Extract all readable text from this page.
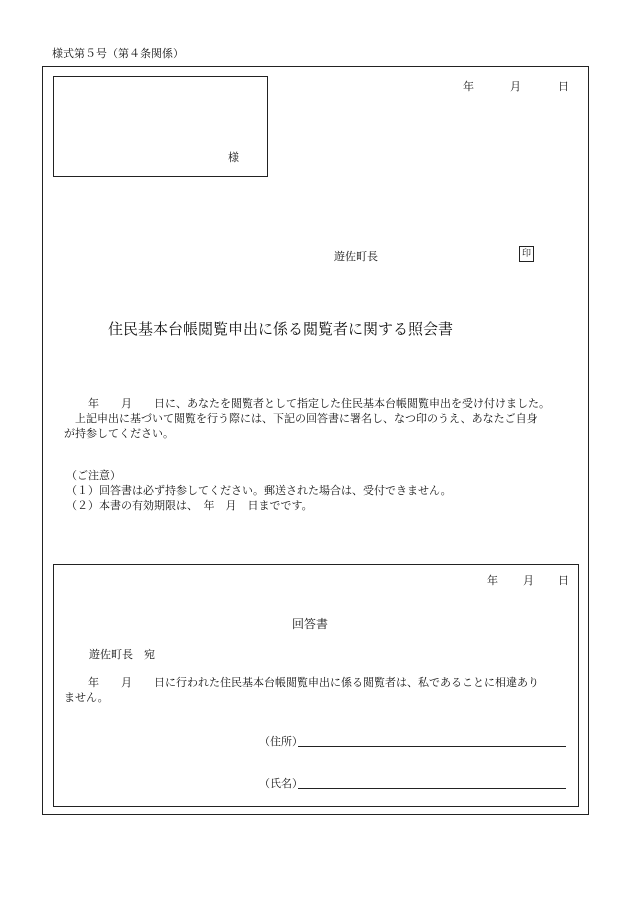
様式第５号（第４条関係）
年	月	日
様
遊佐町長	印
住民基本台帳閲覧申出に係る閲覧者に関する照会書
年　　月　　日に、あなたを閲覧者として指定した住民基本台帳閲覧申出を受け付けました。
上記申出に基づいて閲覧を行う際には、下記の回答書に署名し、なつ印のうえ、あなたご自身
が持参してください。
（ご注意）
（１）回答書は必ず持参してください。郵送された場合は、受付できません。
（２）本書の有効期限は、　年　月　日までです。
年 月 日
回答書
遊佐町長　宛
年　　月　　日に行われた住民基本台帳閲覧申出に係る閲覧者は、私であることに相違あり
ません。
（住所）
（氏名）
